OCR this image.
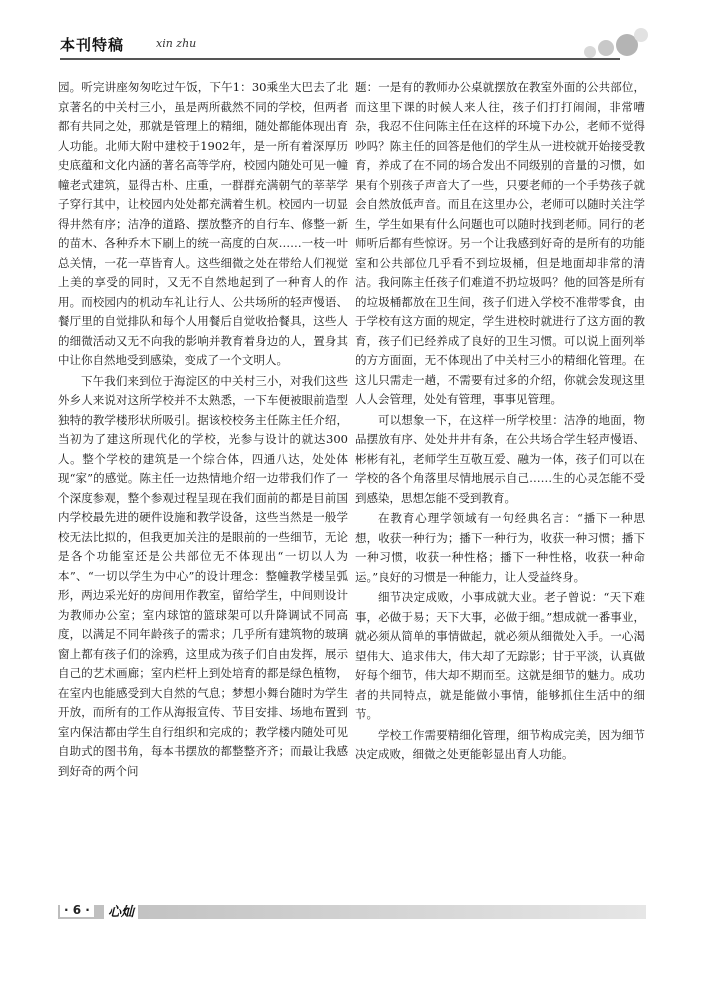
本刊特稿	xin zhu

园。听完讲座匆匆吃过午饭，下午1：30乘坐大巴去了北京著名的中关村三小，虽是两所截然不同的学校，但两者都有共同之处，那就是管理上的精细，随处都能体现出育人功能。北师大附中建校于1902年，是一所有着深厚历史底蕴和文化内涵的著名高等学府，校园内随处可见一幢幢老式建筑，显得古朴、庄重，一群群充满朝气的莘莘学子穿行其中，让校园内处处都充满着生机。校园内一切显得井然有序；洁净的道路、摆放整齐的自行车、修整一新的苗木、各种乔木下刷上的统一高度的白灰……一枝一叶总关情，一花一草皆育人。这些细微之处在带给人们视觉上美的享受的同时，又无不自然地起到了一种育人的作用。而校园内的机动车礼让行人、公共场所的轻声慢语、餐厅里的自觉排队和每个人用餐后自觉收拾餐具，这些人的细微活动又无不向我的影响并教育着身边的人，置身其中让你自然地受到感染，变成了一个文明人。

下午我们来到位于海淀区的中关村三小，对我们这些外乡人来说对这所学校并不太熟悉，一下车便被眼前造型独特的教学楼形状所吸引。据该校校务主任陈主任介绍，当初为了建这所现代化的学校，光参与设计的就达300人。整个学校的建筑是一个综合体，四通八达，处处体现“家”的感觉。陈主任一边热情地介绍一边带我们作了一个深度参观，整个参观过程呈现在我们面前的都是目前国内学校最先进的硬件设施和教学设备，这些当然是一般学校无法比拟的，但我更加关注的是眼前的一些细节，无论是各个功能室还是公共部位无不体现出“一切以人为本”、“一切以学生为中心”的设计理念：整幢教学楼呈弧形，两边采光好的房间用作教室，留给学生，中间则设计为教师办公室；室内球馆的篮球架可以升降调试不同高度，以满足不同年龄孩子的需求；几乎所有建筑物的玻璃窗上都有孩子们的涂鸦，这里成为孩子们自由发挥，展示自己的艺术画廊；室内栏杆上到处培育的都是绿色植物，在室内也能感受到大自然的气息；梦想小舞台随时为学生开放，而所有的工作从海报宣传、节目安排、场地布置到室内保洁都由学生自行组织和完成的；教学楼内随处可见自助式的图书角，每本书摆放的都整整齐齐；而最让我感到好奇的两个问

题：一是有的教师办公桌就摆放在教室外面的公共部位，而这里下课的时候人来人往，孩子们打打闹闹，非常嘈杂，我忍不住问陈主任在这样的环境下办公，老师不觉得吵吗？陈主任的回答是他们的学生从一进校就开始接受教育，养成了在不同的场合发出不同级别的音量的习惯，如果有个别孩子声音大了一些，只要老师的一个手势孩子就会自然放低声音。而且在这里办公，老师可以随时关注学生，学生如果有什么问题也可以随时找到老师。同行的老师听后都有些惊讶。另一个让我感到好奇的是所有的功能室和公共部位几乎看不到垃圾桶，但是地面却非常的清洁。我问陈主任孩子们难道不扔垃圾吗？他的回答是所有的垃圾桶都放在卫生间，孩子们进入学校不准带零食，由于学校有这方面的规定，学生进校时就进行了这方面的教育，孩子们已经养成了良好的卫生习惯。可以说上面列举的方方面面，无不体现出了中关村三小的精细化管理。在这儿只需走一趟，不需要有过多的介绍，你就会发现这里人人会管理，处处有管理，事事见管理。

可以想象一下，在这样一所学校里：洁净的地面，物品摆放有序、处处井井有条，在公共场合学生轻声慢语、彬彬有礼，老师学生互敬互爱、融为一体，孩子们可以在学校的各个角落里尽情地展示自己……生的心灵怎能不受到感染，思想怎能不受到教育。

在教育心理学领域有一句经典名言：“播下一种思想，收获一种行为；播下一种行为，收获一种习惯；播下一种习惯，收获一种性格；播下一种性格，收获一种命运。”良好的习惯是一种能力，让人受益终身。

细节决定成败，小事成就大业。老子曾说：“天下难事，必做于易；天下大事，必做于细。”想成就一番事业，就必须从简单的事情做起，就必须从细微处入手。一心渴望伟大、追求伟大，伟大却了无踪影；甘于平淡，认真做好每个细节，伟大却不期而至。这就是细节的魅力。成功者的共同特点，就是能做小事情，能够抓住生活中的细节。

学校工作需要精细化管理，细节构成完美，因为细节决定成败，细微之处更能彰显出育人功能。

· 6 ·	心灿
